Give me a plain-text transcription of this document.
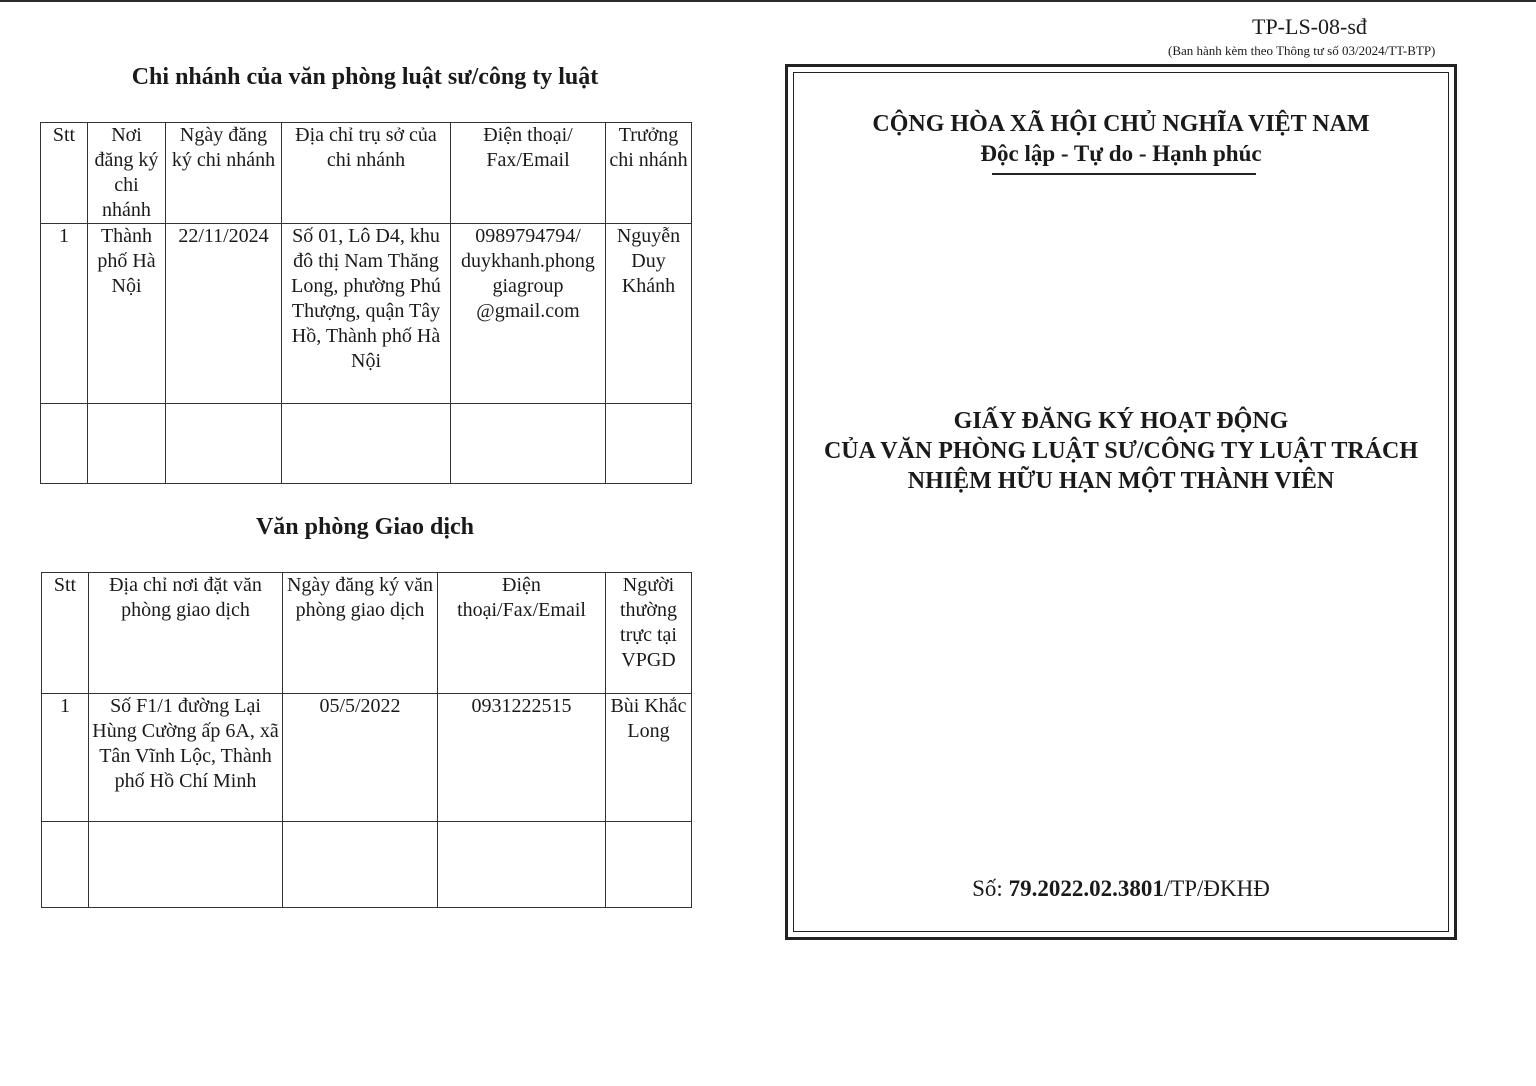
TP-LS-08-sđ
(Ban hành kèm theo Thông tư số 03/2024/TT-BTP)
Chi nhánh của văn phòng luật sư/công ty luật
Stt	Nơi đăng ký chi nhánh	Ngày đăng ký chi nhánh	Địa chỉ trụ sở của chi nhánh	Điện thoại/ Fax/Email	Trưởng chi nhánh
1	Thành phố Hà Nội	22/11/2024	Số 01, Lô D4, khu đô thị Nam Thăng Long, phường Phú Thượng, quận Tây Hồ, Thành phố Hà Nội	0989794794/ duykhanh.phong giagroup @gmail.com	Nguyễn Duy Khánh

Văn phòng Giao dịch
Stt	Địa chỉ nơi đặt văn phòng giao dịch	Ngày đăng ký văn phòng giao dịch	Điện thoại/Fax/Email	Người thường trực tại VPGD
1	Số F1/1 đường Lại Hùng Cường ấp 6A, xã Tân Vĩnh Lộc, Thành phố Hồ Chí Minh	05/5/2022	0931222515	Bùi Khắc Long

CỘNG HÒA XÃ HỘI CHỦ NGHĨA VIỆT NAM
Độc lập - Tự do - Hạnh phúc
GIẤY ĐĂNG KÝ HOẠT ĐỘNG
CỦA VĂN PHÒNG LUẬT SƯ/CÔNG TY LUẬT TRÁCH
NHIỆM HỮU HẠN MỘT THÀNH VIÊN
Số: 79.2022.02.3801/TP/ĐKHĐ
